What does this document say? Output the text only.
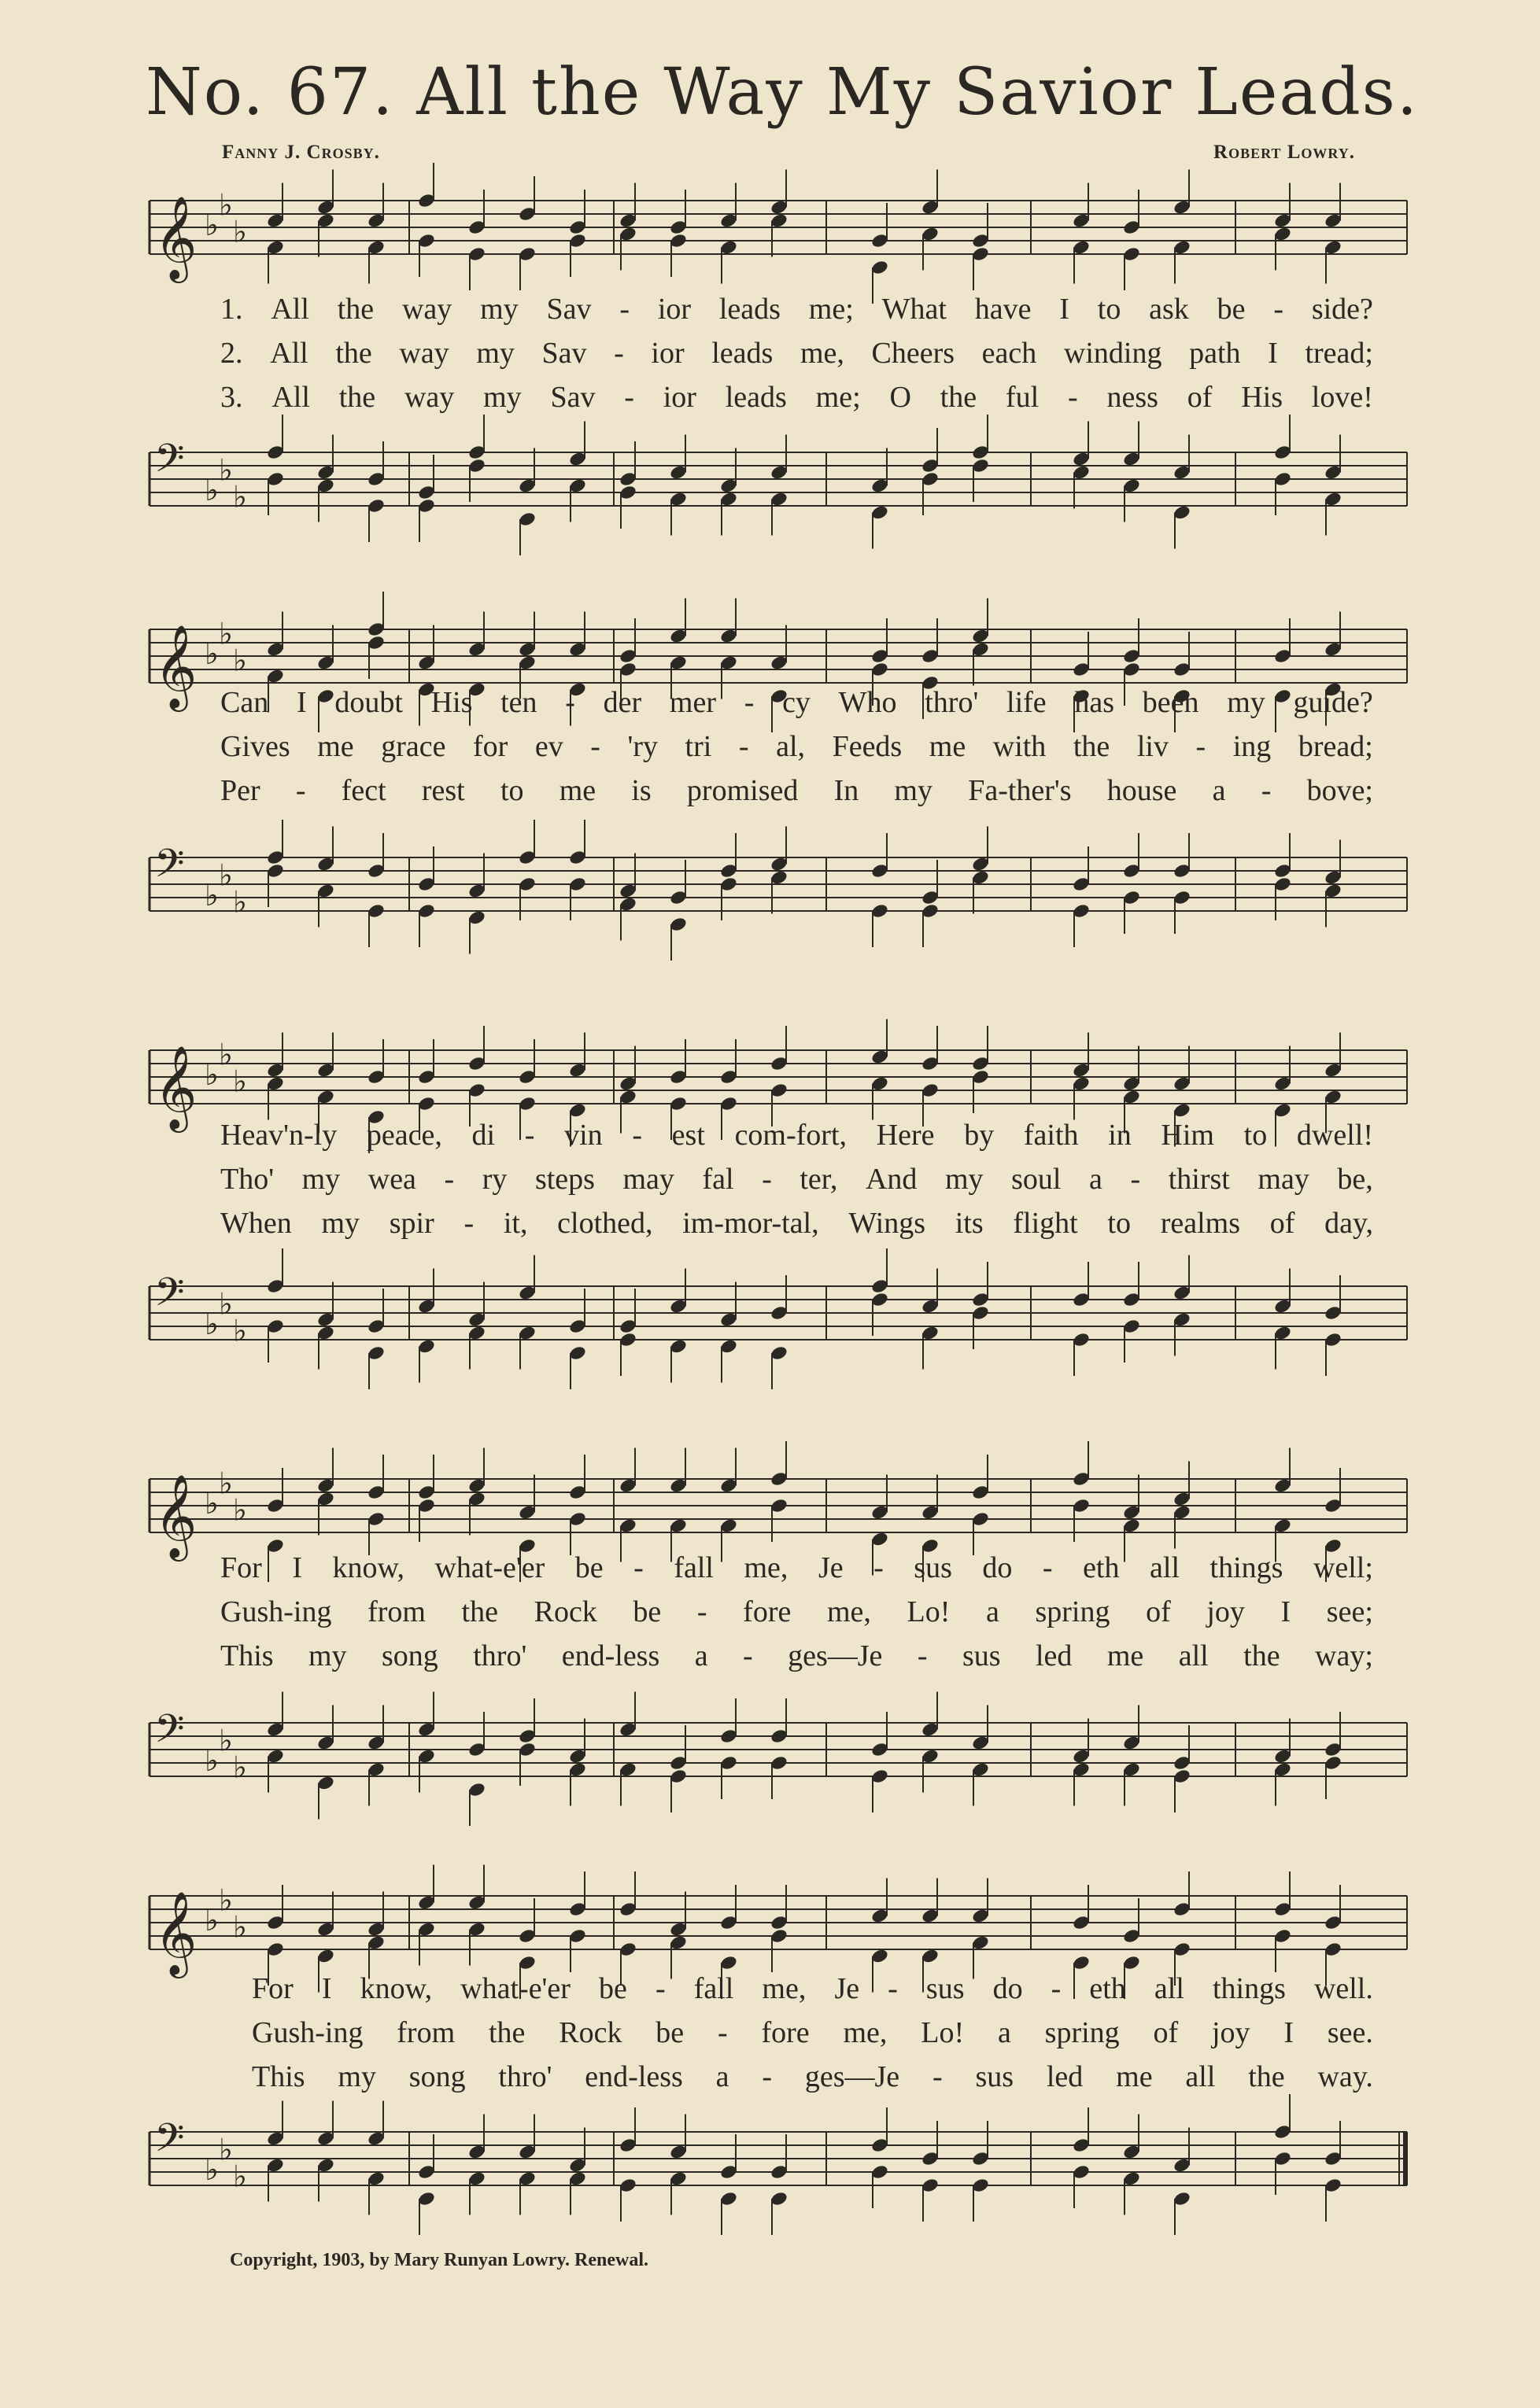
No. 67. All the Way My Savior Leads.
Fanny J. Crosby.	Robert Lowry.
𝄞 ♭
♭
♭
1. All the way my Sav - ior leads me; What have I to ask be - side?
2. All the way my Sav - ior leads me, Cheers each winding path I tread;
3. All the way my Sav - ior leads me; O the ful - ness of His love!
𝄢 ♭
♭
♭
𝄞 ♭
♭
♭
Can I doubt His ten - der mer - cy Who thro' life has been my guide?
Gives me grace for ev - 'ry tri - al, Feeds me with the liv - ing bread;
Per - fect rest to me is promised In my Fa-ther's house a - bove;
𝄢 ♭
♭
♭
𝄞 ♭
♭
♭
Heav'n-ly peace, di - vin - est com-fort, Here by faith in Him to dwell!
Tho' my wea - ry steps may fal - ter, And my soul a - thirst may be,
When my spir - it, clothed, im-mor-tal, Wings its flight to realms of day,
𝄢 ♭
♭
♭
𝄞 ♭
♭
♭
For I know, what-e'er be - fall me, Je - sus do - eth all things well;
Gush-ing from the Rock be - fore me, Lo! a spring of joy I see;
This my song thro' end-less a - ges—Je - sus led me all the way;
𝄢 ♭
♭
♭
𝄞 ♭
♭
♭
For I know, what-e'er be - fall me, Je - sus do - eth all things well.
Gush-ing from the Rock be - fore me, Lo! a spring of joy I see.
This my song thro' end-less a - ges—Je - sus led me all the way.
𝄢 ♭
♭
♭
Copyright, 1903, by Mary Runyan Lowry. Renewal.
